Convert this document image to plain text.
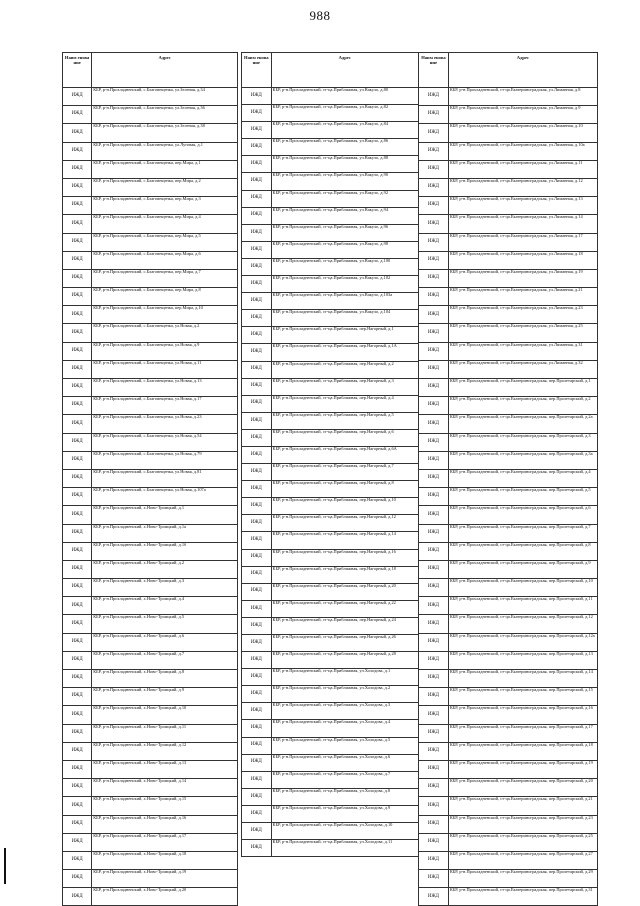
988
Наим енова ние	Адрес
ИЖД	КБР, р-н.Прохладненский, с.Благовещенка, ул.Зеленая, д.34
ИЖД	КБР, р-н.Прохладненский, с.Благовещенка, ул.Зеленая, д.36
ИЖД	КБР, р-н.Прохладненский, с.Благовещенка, ул.Зеленая, д.38
ИЖД	КБР, р-н.Прохладненский, с.Благовещенка, ул.Луговая, д.1
ИЖД	КБР, р-н.Прохладненский, с.Благовещенка, пер.Мира, д.1
ИЖД	КБР, р-н.Прохладненский, с.Благовещенка, пер.Мира, д.2
ИЖД	КБР, р-н.Прохладненский, с.Благовещенка, пер.Мира, д.3
ИЖД	КБР, р-н.Прохладненский, с.Благовещенка, пер.Мира, д.4
ИЖД	КБР, р-н.Прохладненский, с.Благовещенка, пер.Мира, д.5
ИЖД	КБР, р-н.Прохладненский, с.Благовещенка, пер.Мира, д.6
ИЖД	КБР, р-н.Прохладненский, с.Благовещенка, пер.Мира, д.7
ИЖД	КБР, р-н.Прохладненский, с.Благовещенка, пер.Мира, д.8
ИЖД	КБР, р-н.Прохладненский, с.Благовещенка, пер.Мира, д.10
ИЖД	КБР, р-н.Прохладненский, с.Благовещенка, ул.Новая, д.2
ИЖД	КБР, р-н.Прохладненский, с.Благовещенка, ул.Новая, д.9
ИЖД	КБР, р-н.Прохладненский, с.Благовещенка, ул.Новая, д.11
ИЖД	КБР, р-н.Прохладненский, с.Благовещенка, ул.Новая, д.13
ИЖД	КБР, р-н.Прохладненский, с.Благовещенка, ул.Новая, д.17
ИЖД	КБР, р-н.Прохладненский, с.Благовещенка, ул.Новая, д.23
ИЖД	КБР, р-н.Прохладненский, с.Благовещенка, ул.Новая, д.54
ИЖД	КБР, р-н.Прохладненский, с.Благовещенка, ул.Новая, д.79
ИЖД	КБР, р-н.Прохладненский, с.Благовещенка, ул.Новая, д.81
ИЖД	КБР, р-н.Прохладненский, с.Благовещенка, ул.Новая, д.107а
ИЖД	КБР, р-н.Прохладненский, х.Ново-Троицкий, д.1
ИЖД	КБР, р-н.Прохладненский, х.Ново-Троицкий, д.1а
ИЖД	КБР, р-н.Прохладненский, х.Ново-Троицкий, д.1б
ИЖД	КБР, р-н.Прохладненский, х.Ново-Троицкий, д.2
ИЖД	КБР, р-н.Прохладненский, х.Ново-Троицкий, д.3
ИЖД	КБР, р-н.Прохладненский, х.Ново-Троицкий, д.4
ИЖД	КБР, р-н.Прохладненский, х.Ново-Троицкий, д.5
ИЖД	КБР, р-н.Прохладненский, х.Ново-Троицкий, д.6
ИЖД	КБР, р-н.Прохладненский, х.Ново-Троицкий, д.7
ИЖД	КБР, р-н.Прохладненский, х.Ново-Троицкий, д.8
ИЖД	КБР, р-н.Прохладненский, х.Ново-Троицкий, д.9
ИЖД	КБР, р-н.Прохладненский, х.Ново-Троицкий, д.10
ИЖД	КБР, р-н.Прохладненский, х.Ново-Троицкий, д.11
ИЖД	КБР, р-н.Прохладненский, х.Ново-Троицкий, д.12
ИЖД	КБР, р-н.Прохладненский, х.Ново-Троицкий, д.13
ИЖД	КБР, р-н.Прохладненский, х.Ново-Троицкий, д.14
ИЖД	КБР, р-н.Прохладненский, х.Ново-Троицкий, д.15
ИЖД	КБР, р-н.Прохладненский, х.Ново-Троицкий, д.16
ИЖД	КБР, р-н.Прохладненский, х.Ново-Троицкий, д.17
ИЖД	КБР, р-н.Прохладненский, х.Ново-Троицкий, д.18
ИЖД	КБР, р-н.Прохладненский, х.Ново-Троицкий, д.19
ИЖД	КБР, р-н.Прохладненский, х.Ново-Троицкий, д.20
Наим енова ние	Адрес
ИЖД	КБР, р-н.Прохладненский, ст-ца.Приближная, ул.Вакуло, д.80
ИЖД	КБР, р-н.Прохладненский, ст-ца.Приближная, ул.Вакуло, д.82
ИЖД	КБР, р-н.Прохладненский, ст-ца.Приближная, ул.Вакуло, д.84
ИЖД	КБР, р-н.Прохладненский, ст-ца.Приближная, ул.Вакуло, д.86
ИЖД	КБР, р-н.Прохладненский, ст-ца.Приближная, ул.Вакуло, д.88
ИЖД	КБР, р-н.Прохладненский, ст-ца.Приближная, ул.Вакуло, д.90
ИЖД	КБР, р-н.Прохладненский, ст-ца.Приближная, ул.Вакуло, д.92
ИЖД	КБР, р-н.Прохладненский, ст-ца.Приближная, ул.Вакуло, д.94
ИЖД	КБР, р-н.Прохладненский, ст-ца.Приближная, ул.Вакуло, д.96
ИЖД	КБР, р-н.Прохладненский, ст-ца.Приближная, ул.Вакуло, д.98
ИЖД	КБР, р-н.Прохладненский, ст-ца.Приближная, ул.Вакуло, д.100
ИЖД	КБР, р-н.Прохладненский, ст-ца.Приближная, ул.Вакуло, д.102
ИЖД	КБР, р-н.Прохладненский, ст-ца.Приближная, ул.Вакуло, д.103а
ИЖД	КБР, р-н.Прохладненский, ст-ца.Приближная, ул.Вакуло, д.104
ИЖД	КБР, р-н.Прохладненский, ст-ца.Приближная, пер.Нагорный, д.1
ИЖД	КБР, р-н.Прохладненский, ст-ца.Приближная, пер.Нагорный, д.1А
ИЖД	КБР, р-н.Прохладненский, ст-ца.Приближная, пер.Нагорный, д.2
ИЖД	КБР, р-н.Прохладненский, ст-ца.Приближная, пер.Нагорный, д.3
ИЖД	КБР, р-н.Прохладненский, ст-ца.Приближная, пер.Нагорный, д.4
ИЖД	КБР, р-н.Прохладненский, ст-ца.Приближная, пер.Нагорный, д.5
ИЖД	КБР, р-н.Прохладненский, ст-ца.Приближная, пер.Нагорный, д.6
ИЖД	КБР, р-н.Прохладненский, ст-ца.Приближная, пер.Нагорный, д.6А
ИЖД	КБР, р-н.Прохладненский, ст-ца.Приближная, пер.Нагорный, д.7
ИЖД	КБР, р-н.Прохладненский, ст-ца.Приближная, пер.Нагорный, д.8
ИЖД	КБР, р-н.Прохладненский, ст-ца.Приближная, пер.Нагорный, д.10
ИЖД	КБР, р-н.Прохладненский, ст-ца.Приближная, пер.Нагорный, д.12
ИЖД	КБР, р-н.Прохладненский, ст-ца.Приближная, пер.Нагорный, д.14
ИЖД	КБР, р-н.Прохладненский, ст-ца.Приближная, пер.Нагорный, д.16
ИЖД	КБР, р-н.Прохладненский, ст-ца.Приближная, пер.Нагорный, д.18
ИЖД	КБР, р-н.Прохладненский, ст-ца.Приближная, пер.Нагорный, д.20
ИЖД	КБР, р-н.Прохладненский, ст-ца.Приближная, пер.Нагорный, д.22
ИЖД	КБР, р-н.Прохладненский, ст-ца.Приближная, пер.Нагорный, д.24
ИЖД	КБР, р-н.Прохладненский, ст-ца.Приближная, пер.Нагорный, д.26
ИЖД	КБР, р-н.Прохладненский, ст-ца.Приближная, пер.Нагорный, д.28
ИЖД	КБР, р-н.Прохладненский, ст-ца.Приближная, ул.Холодова, д.1
ИЖД	КБР, р-н.Прохладненский, ст-ца.Приближная, ул.Холодова, д.2
ИЖД	КБР, р-н.Прохладненский, ст-ца.Приближная, ул.Холодова, д.3
ИЖД	КБР, р-н.Прохладненский, ст-ца.Приближная, ул.Холодова, д.4
ИЖД	КБР, р-н.Прохладненский, ст-ца.Приближная, ул.Холодова, д.5
ИЖД	КБР, р-н.Прохладненский, ст-ца.Приближная, ул.Холодова, д.6
ИЖД	КБР, р-н.Прохладненский, ст-ца.Приближная, ул.Холодова, д.7
ИЖД	КБР, р-н.Прохладненский, ст-ца.Приближная, ул.Холодова, д.8
ИЖД	КБР, р-н.Прохладненский, ст-ца.Приближная, ул.Холодова, д.9
ИЖД	КБР, р-н.Прохладненский, ст-ца.Приближная, ул.Холодова, д.10
ИЖД	КБР, р-н.Прохладненский, ст-ца.Приближная, ул.Холодова, д.11
Наим енова ние	Адрес
ИЖД	КБР, р-н.Прохладненский, ст-ца.Екатериноградская, ул.Лиманная, д.8
ИЖД	КБР, р-н.Прохладненский, ст-ца.Екатериноградская, ул.Лиманная, д.9
ИЖД	КБР, р-н.Прохладненский, ст-ца.Екатериноградская, ул.Лиманная, д.10
ИЖД	КБР, р-н.Прохладненский, ст-ца.Екатериноградская, ул.Лиманная, д.10а
ИЖД	КБР, р-н.Прохладненский, ст-ца.Екатериноградская, ул.Лиманная, д.11
ИЖД	КБР, р-н.Прохладненский, ст-ца.Екатериноградская, ул.Лиманная, д.12
ИЖД	КБР, р-н.Прохладненский, ст-ца.Екатериноградская, ул.Лиманная, д.13
ИЖД	КБР, р-н.Прохладненский, ст-ца.Екатериноградская, ул.Лиманная, д.14
ИЖД	КБР, р-н.Прохладненский, ст-ца.Екатериноградская, ул.Лиманная, д.17
ИЖД	КБР, р-н.Прохладненский, ст-ца.Екатериноградская, ул.Лиманная, д.18
ИЖД	КБР, р-н.Прохладненский, ст-ца.Екатериноградская, ул.Лиманная, д.19
ИЖД	КБР, р-н.Прохладненский, ст-ца.Екатериноградская, ул.Лиманная, д.21
ИЖД	КБР, р-н.Прохладненский, ст-ца.Екатериноградская, ул.Лиманная, д.23
ИЖД	КБР, р-н.Прохладненский, ст-ца.Екатериноградская, ул.Лиманная, д.25
ИЖД	КБР, р-н.Прохладненский, ст-ца.Екатериноградская, ул.Лиманная, д.31
ИЖД	КБР, р-н.Прохладненский, ст-ца.Екатериноградская, ул.Лиманная, д.32
ИЖД	КБР, р-н.Прохладненский, ст-ца.Екатериноградская, пер.Пролетарский, д.1
ИЖД	КБР, р-н.Прохладненский, ст-ца.Екатериноградская, пер.Пролетарский, д.2
ИЖД	КБР, р-н.Прохладненский, ст-ца.Екатериноградская, пер.Пролетарский, д.2а
ИЖД	КБР, р-н.Прохладненский, ст-ца.Екатериноградская, пер.Пролетарский, д.3
ИЖД	КБР, р-н.Прохладненский, ст-ца.Екатериноградская, пер.Пролетарский, д.3а
ИЖД	КБР, р-н.Прохладненский, ст-ца.Екатериноградская, пер.Пролетарский, д.4
ИЖД	КБР, р-н.Прохладненский, ст-ца.Екатериноградская, пер.Пролетарский, д.5
ИЖД	КБР, р-н.Прохладненский, ст-ца.Екатериноградская, пер.Пролетарский, д.6
ИЖД	КБР, р-н.Прохладненский, ст-ца.Екатериноградская, пер.Пролетарский, д.7
ИЖД	КБР, р-н.Прохладненский, ст-ца.Екатериноградская, пер.Пролетарский, д.8
ИЖД	КБР, р-н.Прохладненский, ст-ца.Екатериноградская, пер.Пролетарский, д.9
ИЖД	КБР, р-н.Прохладненский, ст-ца.Екатериноградская, пер.Пролетарский, д.10
ИЖД	КБР, р-н.Прохладненский, ст-ца.Екатериноградская, пер.Пролетарский, д.11
ИЖД	КБР, р-н.Прохладненский, ст-ца.Екатериноградская, пер.Пролетарский, д.12
ИЖД	КБР, р-н.Прохладненский, ст-ца.Екатериноградская, пер.Пролетарский, д.12а
ИЖД	КБР, р-н.Прохладненский, ст-ца.Екатериноградская, пер.Пролетарский, д.13
ИЖД	КБР, р-н.Прохладненский, ст-ца.Екатериноградская, пер.Пролетарский, д.14
ИЖД	КБР, р-н.Прохладненский, ст-ца.Екатериноградская, пер.Пролетарский, д.15
ИЖД	КБР, р-н.Прохладненский, ст-ца.Екатериноградская, пер.Пролетарский, д.16
ИЖД	КБР, р-н.Прохладненский, ст-ца.Екатериноградская, пер.Пролетарский, д.17
ИЖД	КБР, р-н.Прохладненский, ст-ца.Екатериноградская, пер.Пролетарский, д.18
ИЖД	КБР, р-н.Прохладненский, ст-ца.Екатериноградская, пер.Пролетарский, д.19
ИЖД	КБР, р-н.Прохладненский, ст-ца.Екатериноградская, пер.Пролетарский, д.20
ИЖД	КБР, р-н.Прохладненский, ст-ца.Екатериноградская, пер.Пролетарский, д.21
ИЖД	КБР, р-н.Прохладненский, ст-ца.Екатериноградская, пер.Пролетарский, д.23
ИЖД	КБР, р-н.Прохладненский, ст-ца.Екатериноградская, пер.Пролетарский, д.25
ИЖД	КБР, р-н.Прохладненский, ст-ца.Екатериноградская, пер.Пролетарский, д.27
ИЖД	КБР, р-н.Прохладненский, ст-ца.Екатериноградская, пер.Пролетарский, д.29
ИЖД	КБР, р-н.Прохладненский, ст-ца.Екатериноградская, пер.Пролетарский, д.31
